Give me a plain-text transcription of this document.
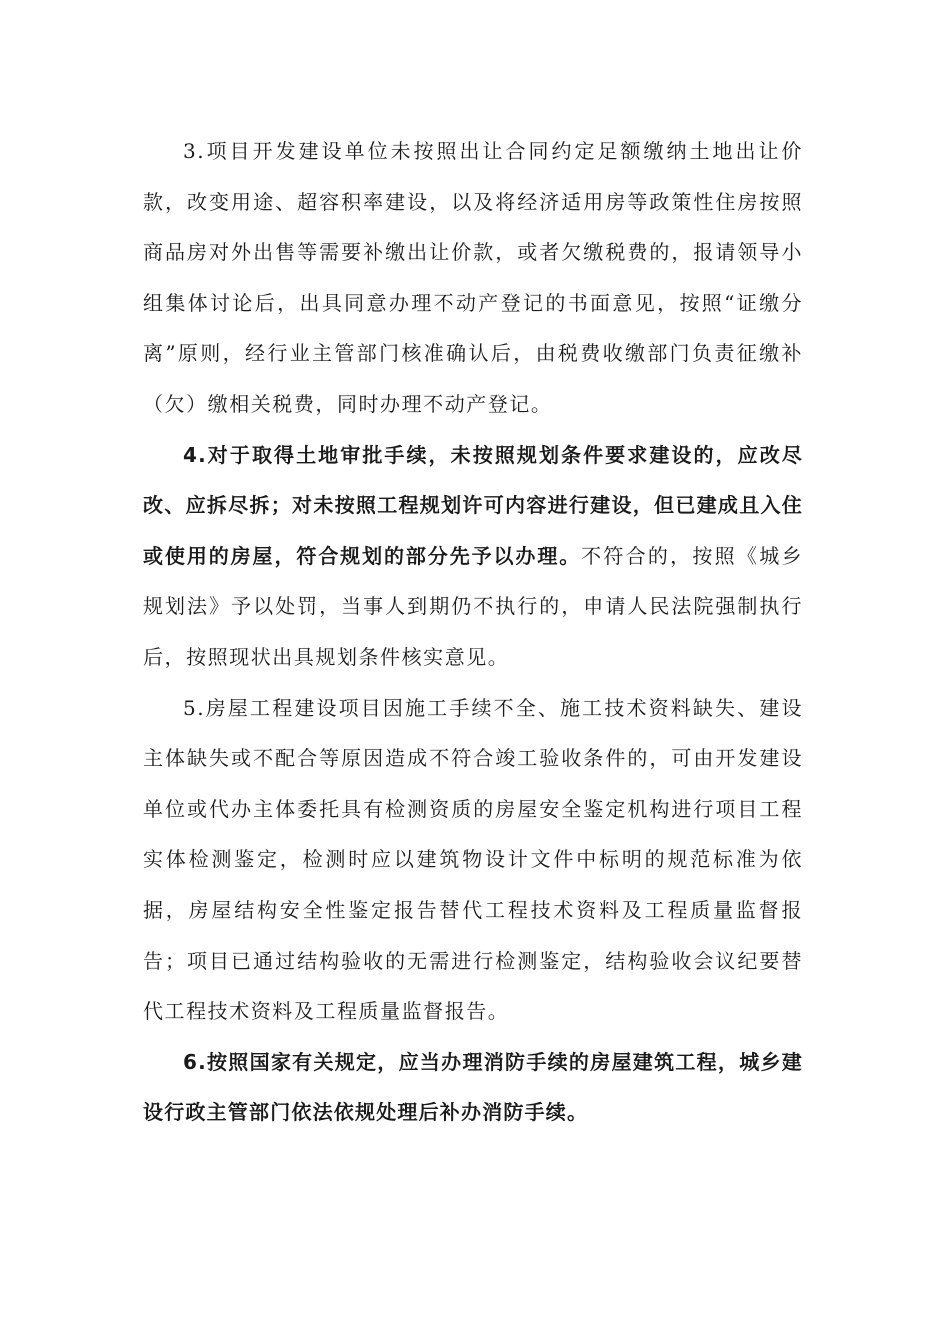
3.项目开发建设单位未按照出让合同约定足额缴纳土地出让价款，改变用途、超容积率建设，以及将经济适用房等政策性住房按照商品房对外出售等需要补缴出让价款，或者欠缴税费的，报请领导小组集体讨论后，出具同意办理不动产登记的书面意见，按照“证缴分离”原则，经行业主管部门核准确认后，由税费收缴部门负责征缴补（欠）缴相关税费，同时办理不动产登记。

4.对于取得土地审批手续，未按照规划条件要求建设的，应改尽改、应拆尽拆；对未按照工程规划许可内容进行建设，但已建成且入住或使用的房屋，符合规划的部分先予以办理。不符合的，按照《城乡规划法》予以处罚，当事人到期仍不执行的，申请人民法院强制执行后，按照现状出具规划条件核实意见。

5.房屋工程建设项目因施工手续不全、施工技术资料缺失、建设主体缺失或不配合等原因造成不符合竣工验收条件的，可由开发建设单位或代办主体委托具有检测资质的房屋安全鉴定机构进行项目工程实体检测鉴定，检测时应以建筑物设计文件中标明的规范标准为依据，房屋结构安全性鉴定报告替代工程技术资料及工程质量监督报告；项目已通过结构验收的无需进行检测鉴定，结构验收会议纪要替代工程技术资料及工程质量监督报告。

6.按照国家有关规定，应当办理消防手续的房屋建筑工程，城乡建设行政主管部门依法依规处理后补办消防手续。
